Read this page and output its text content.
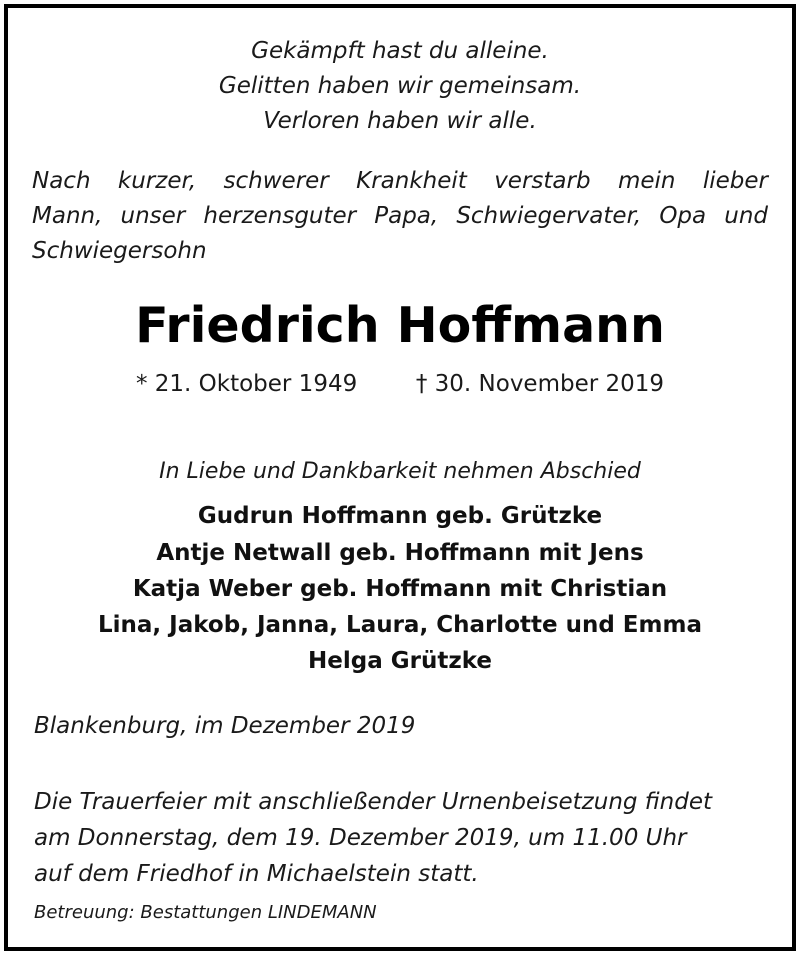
Gekämpft hast du alleine.
Gelitten haben wir gemeinsam.
Verloren haben wir alle.
Nach kurzer, schwerer Krankheit verstarb mein lieber
Mann, unser herzensguter Papa, Schwiegervater, Opa und
Schwiegersohn
Friedrich Hoffmann
* 21. Oktober 1949	† 30. November 2019
In Liebe und Dankbarkeit nehmen Abschied
Gudrun Hoffmann geb. Grützke
Antje Netwall geb. Hoffmann mit Jens
Katja Weber geb. Hoffmann mit Christian
Lina, Jakob, Janna, Laura, Charlotte und Emma
Helga Grützke
Blankenburg, im Dezember 2019
Die Trauerfeier mit anschließender Urnenbeisetzung findet
am Donnerstag, dem 19. Dezember 2019, um 11.00 Uhr
auf dem Friedhof in Michaelstein statt.
Betreuung: Bestattungen LINDEMANN
